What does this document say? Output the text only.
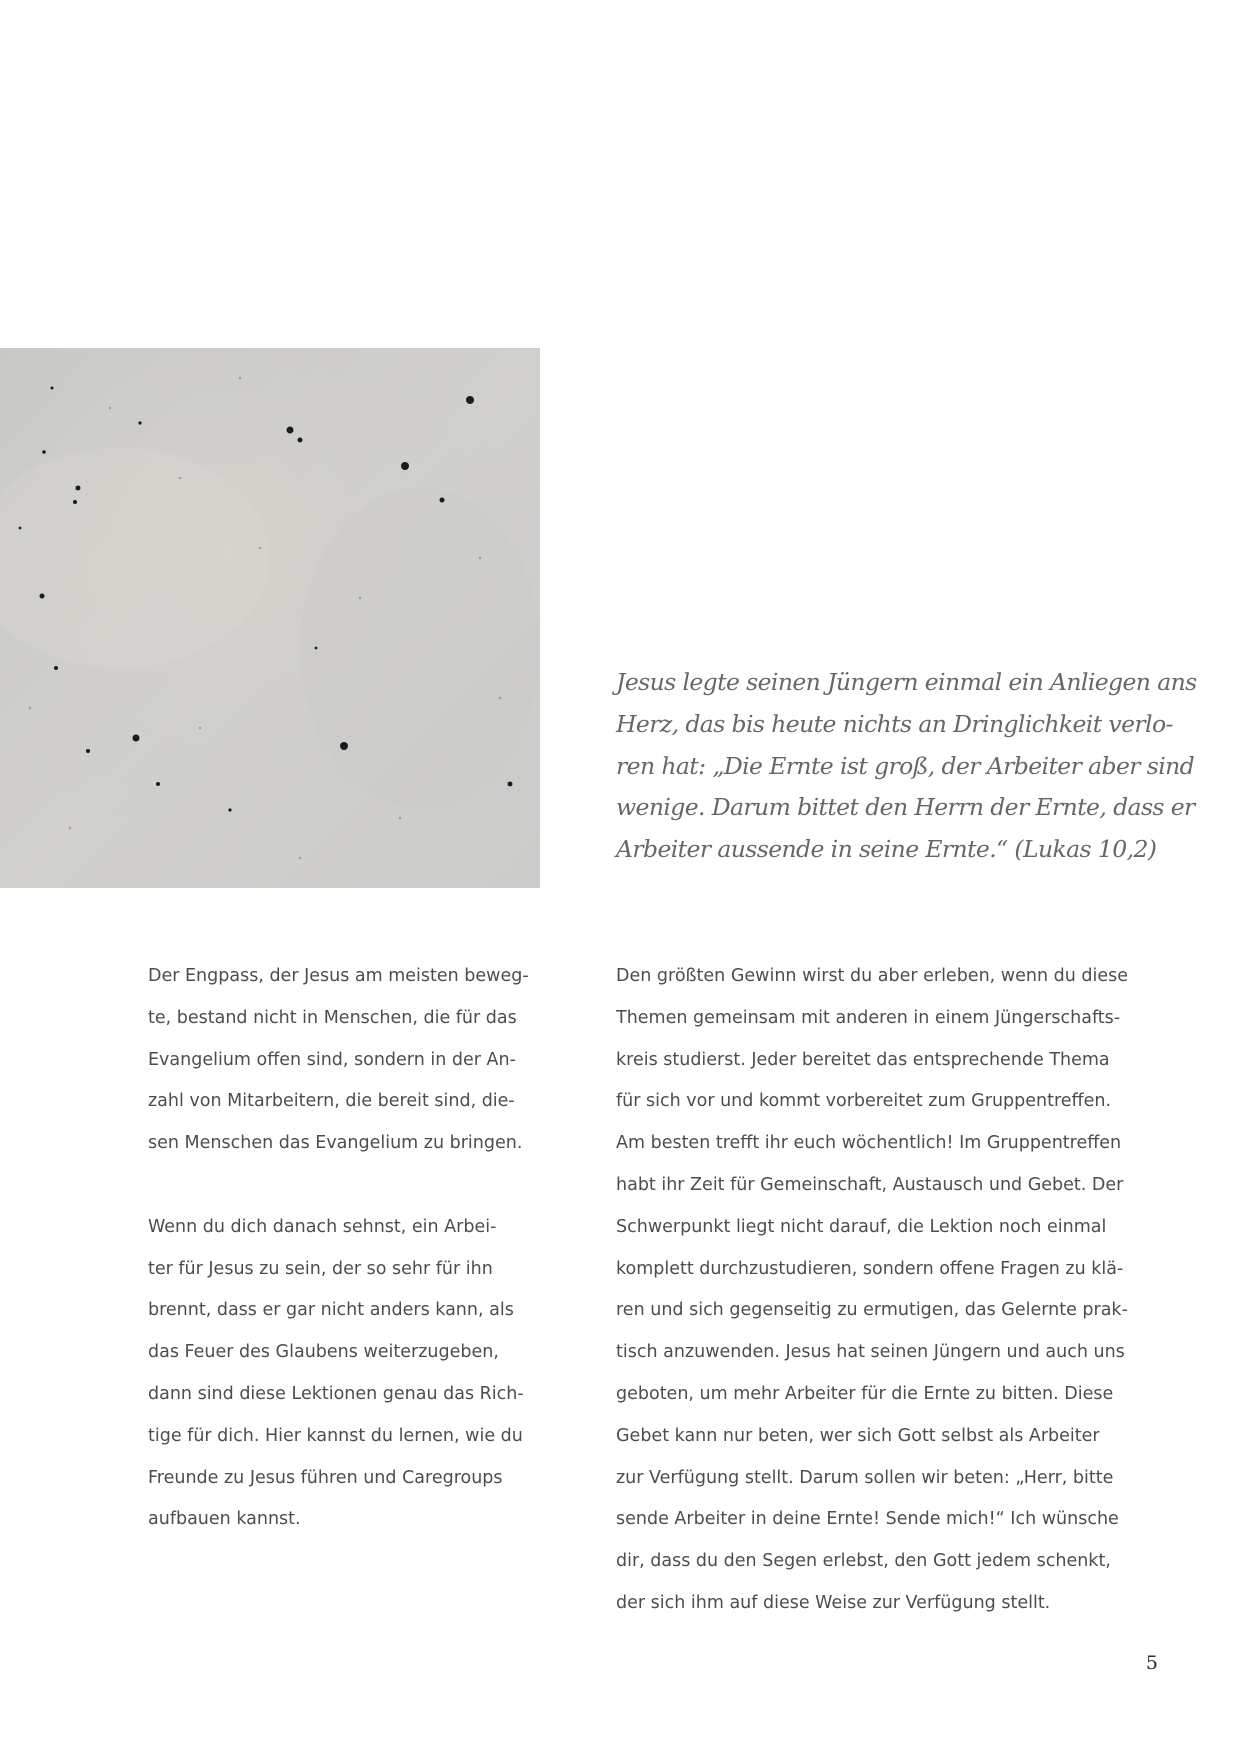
Jesus legte seinen Jüngern einmal ein Anliegen ans
Herz, das bis heute nichts an Dringlichkeit verlo-
ren hat: „Die Ernte ist groß, der Arbeiter aber sind
wenige. Darum bittet den Herrn der Ernte, dass er
Arbeiter aussende in seine Ernte.“ (Lukas 10,2)

Der Engpass, der Jesus am meisten beweg-
te, bestand nicht in Menschen, die für das
Evangelium offen sind, sondern in der An-
zahl von Mitarbeitern, die bereit sind, die-
sen Menschen das Evangelium zu bringen.
Wenn du dich danach sehnst, ein Arbei-
ter für Jesus zu sein, der so sehr für ihn
brennt, dass er gar nicht anders kann, als
das Feuer des Glaubens weiterzugeben,
dann sind diese Lektionen genau das Rich-
tige für dich. Hier kannst du lernen, wie du
Freunde zu Jesus führen und Caregroups
aufbauen kannst.
Den größten Gewinn wirst du aber erleben, wenn du diese
Themen gemeinsam mit anderen in einem Jüngerschafts-
kreis studierst. Jeder bereitet das entsprechende Thema
für sich vor und kommt vorbereitet zum Gruppentreffen.
Am besten trefft ihr euch wöchentlich! Im Gruppentreffen
habt ihr Zeit für Gemeinschaft, Austausch und Gebet. Der
Schwerpunkt liegt nicht darauf, die Lektion noch einmal
komplett durchzustudieren, sondern offene Fragen zu klä-
ren und sich gegenseitig zu ermutigen, das Gelernte prak-
tisch anzuwenden. Jesus hat seinen Jüngern und auch uns
geboten, um mehr Arbeiter für die Ernte zu bitten. Diese
Gebet kann nur beten, wer sich Gott selbst als Arbeiter
zur Verfügung stellt. Darum sollen wir beten: „Herr, bitte
sende Arbeiter in deine Ernte! Sende mich!“ Ich wünsche
dir, dass du den Segen erlebst, den Gott jedem schenkt,
der sich ihm auf diese Weise zur Verfügung stellt.
5
